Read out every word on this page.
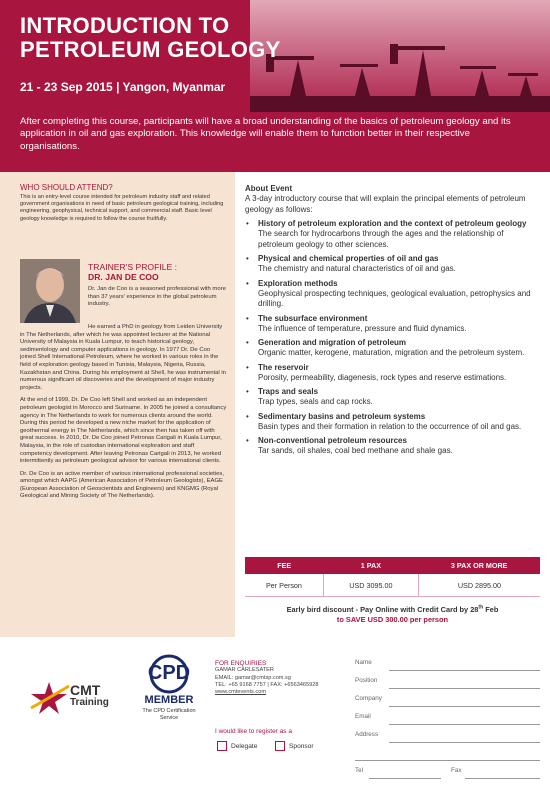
INTRODUCTION TO PETROLEUM GEOLOGY
21 - 23 Sep 2015 | Yangon, Myanmar
After completing this course, participants will have a broad understanding of the basics of petroleum geology and its application in oil and gas exploration. This knowledge will enable them to function better in their respective organisations.
WHO SHOULD ATTEND?

This is an entry-level course intended for petroleum industry staff and related government organisations in need of basic petroleum geological training, including engineering, geophysical, technical support, and commercial staff. Basic level geology knowledge is required to follow the course fruitfully.

TRAINER'S PROFILE :
DR. JAN DE COO
Dr. Jan de Coo is a seasoned professional with more than 37 years' experience in the global petroleum industry.

He earned a PhD in geology from Leiden University in The Netherlands, after which he was appointed lecturer at the National University of Malaysia in Kuala Lumpur, to teach historical geology, sedimentology and computer applications in geology. In 1977 Dr. De Coo joined Shell International Petroleum, where he worked in various roles in the field of exploration geology based in Tunisia, Malaysia, Nigeria, Russia, Kazakhstan and China. During his employment at Shell, he was instrumental in numerous significant oil discoveries and the development of major industry projects.

At the end of 1999, Dr. De Coo left Shell and worked as an independent petroleum geologist in Morocco and Suriname. In 2005 he joined a consultancy agency in The Netherlands to work for numerous clients around the world. During this period he developed a new niche market for the application of geothermal energy in The Netherlands, which since then has taken off with great success. In 2010, Dr. De Coo joined Petronas Carigali in Kuala Lumpur, Malaysia, in the role of custodian international exploration and staff competency development. After leaving Petronas Carigali in 2013, he worked intermittently as petroleum geological advisor for various international clients.

Dr. De Coo is an active member of various international professional societies, amongst which AAPG (American Association of Petroleum Geologists), EAGE (European Association of Geoscientists and Engineers) and KNGMG (Royal Geological and Mining Society of The Netherlands).

About Event
A 3-day introductory course that will explain the principal elements of petroleum geology as follows:
• History of petroleum exploration and the context of petroleum geology
The search for hydrocarbons through the ages and the relationship of petroleum geology to other sciences.
• Physical and chemical properties of oil and gas
The chemistry and natural characteristics of oil and gas.
• Exploration methods
Geophysical prospecting techniques, geological evaluation, petrophysics and drilling.
• The subsurface environment
The influence of temperature, pressure and fluid dynamics.
• Generation and migration of petroleum
Organic matter, kerogene, maturation, migration and the petroleum system.
• The reservoir
Porosity, permeability, diagenesis, rock types and reserve estimations.
• Traps and seals
Trap types, seals and cap rocks.
• Sedimentary basins and petroleum systems
Basin types and their formation in relation to the occurrence of oil and gas.
• Non-conventional petroleum resources
Tar sands, oil shales, coal bed methane and shale gas.
FEE	1 PAX	3 PAX OR MORE
Per Person	USD 3095.00	USD 2895.00
Early bird discount - Pay Online with Credit Card by 28th Feb
to SAVE USD 300.00 per person
CMT
Training
CPD
MEMBER
The CPD Certification
Service
FOR ENQUIRIES
GAMAR CARLESATER
EMAIL: gamar@cmtsp.com.sg
TEL: +65 9168 7757 | FAX: +6563465928
www.cmtevents.com
I would like to register as a
Delegate	Sponsor
Name
Position
Company
Email
Address
Tel	Fax
